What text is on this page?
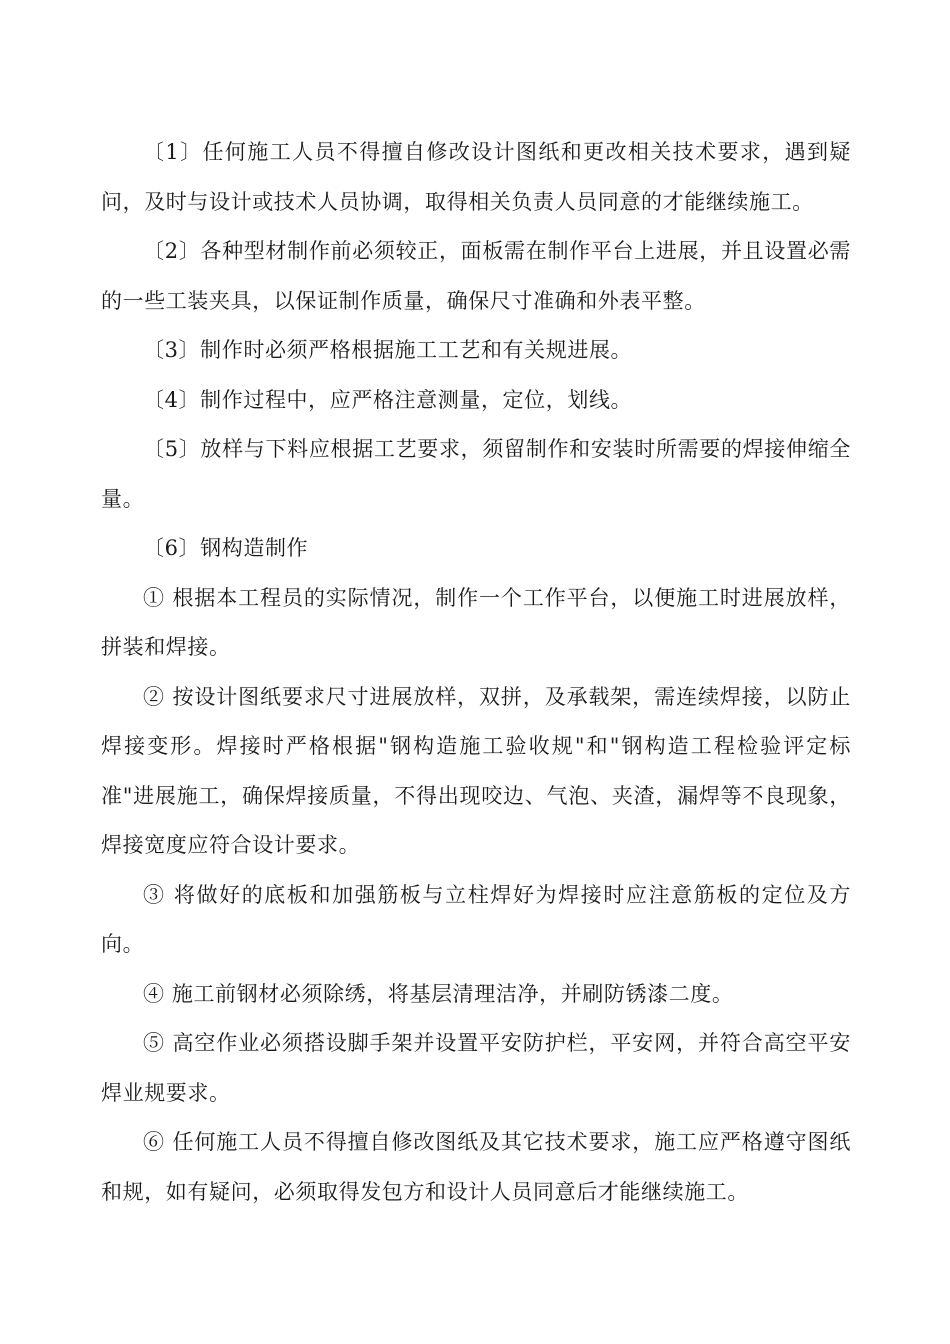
〔1〕任何施工人员不得擅自修改设计图纸和更改相关技术要求，遇到疑问，及时与设计或技术人员协调，取得相关负责人员同意的才能继续施工。

〔2〕各种型材制作前必须较正，面板需在制作平台上进展，并且设置必需的一些工装夹具，以保证制作质量，确保尺寸准确和外表平整。

〔3〕制作时必须严格根据施工工艺和有关规进展。

〔4〕制作过程中，应严格注意测量，定位，划线。

〔5〕放样与下料应根据工艺要求，须留制作和安装时所需要的焊接伸缩全量。

〔6〕钢构造制作

① 根据本工程员的实际情况，制作一个工作平台，以便施工时进展放样，拼装和焊接。

② 按设计图纸要求尺寸进展放样，双拼，及承载架，需连续焊接，以防止焊接变形。焊接时严格根据"钢构造施工验收规"和"钢构造工程检验评定标准"进展施工，确保焊接质量，不得出现咬边、气泡、夹渣，漏焊等不良现象，焊接宽度应符合设计要求。

③ 将做好的底板和加强筋板与立柱焊好为焊接时应注意筋板的定位及方向。

④ 施工前钢材必须除绣，将基层清理洁净，并刷防锈漆二度。

⑤ 高空作业必须搭设脚手架并设置平安防护栏，平安网，并符合高空平安焊业规要求。

⑥ 任何施工人员不得擅自修改图纸及其它技术要求，施工应严格遵守图纸和规，如有疑问，必须取得发包方和设计人员同意后才能继续施工。
